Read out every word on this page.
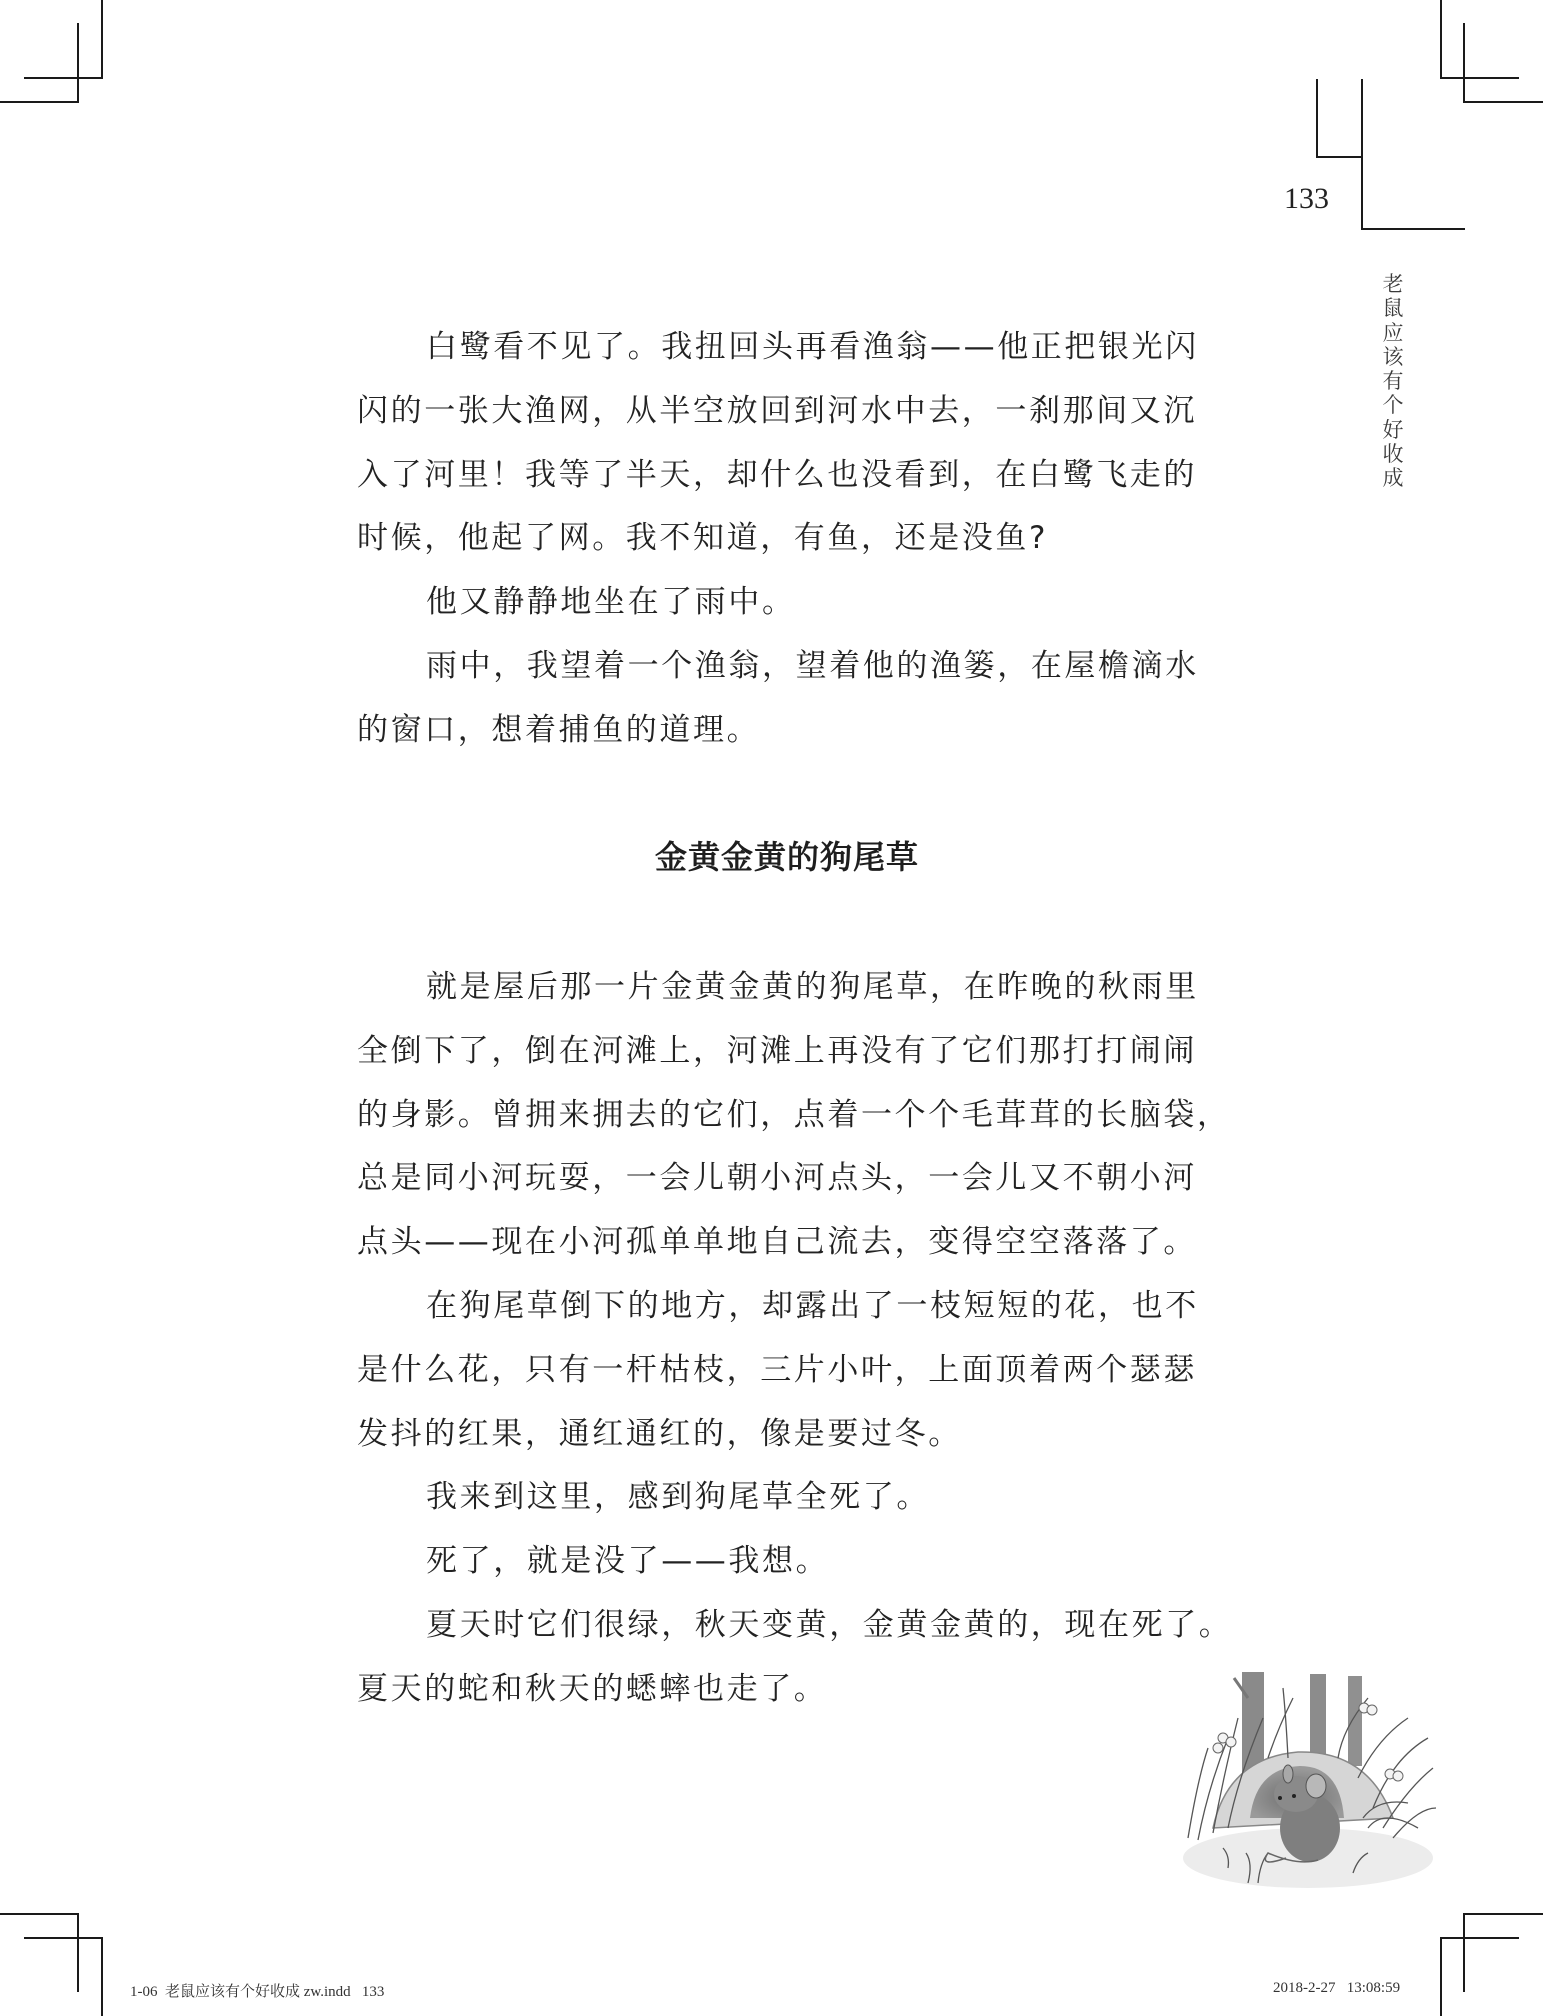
133
老
鼠
应
该
有
个
好
收
成

白鹭看不见了。我扭回头再看渔翁——他正把银光闪
闪的一张大渔网，从半空放回到河水中去，一刹那间又沉
入了河里！我等了半天，却什么也没看到，在白鹭飞走的
时候，他起了网。我不知道，有鱼，还是没鱼?

他又静静地坐在了雨中。

雨中，我望着一个渔翁，望着他的渔篓，在屋檐滴水
的窗口，想着捕鱼的道理。

金黄金黄的狗尾草

就是屋后那一片金黄金黄的狗尾草，在昨晚的秋雨里
全倒下了，倒在河滩上，河滩上再没有了它们那打打闹闹
的身影。曾拥来拥去的它们，点着一个个毛茸茸的长脑袋，
总是同小河玩耍，一会儿朝小河点头，一会儿又不朝小河
点头——现在小河孤单单地自己流去，变得空空落落了。

在狗尾草倒下的地方，却露出了一枝短短的花，也不
是什么花，只有一杆枯枝，三片小叶，上面顶着两个瑟瑟
发抖的红果，通红通红的，像是要过冬。

我来到这里，感到狗尾草全死了。

死了，就是没了——我想。

夏天时它们很绿，秋天变黄，金黄金黄的，现在死了。
夏天的蛇和秋天的蟋蟀也走了。

1-06  老鼠应该有个好收成 zw.indd   133	2018-2-27   13:08:59
